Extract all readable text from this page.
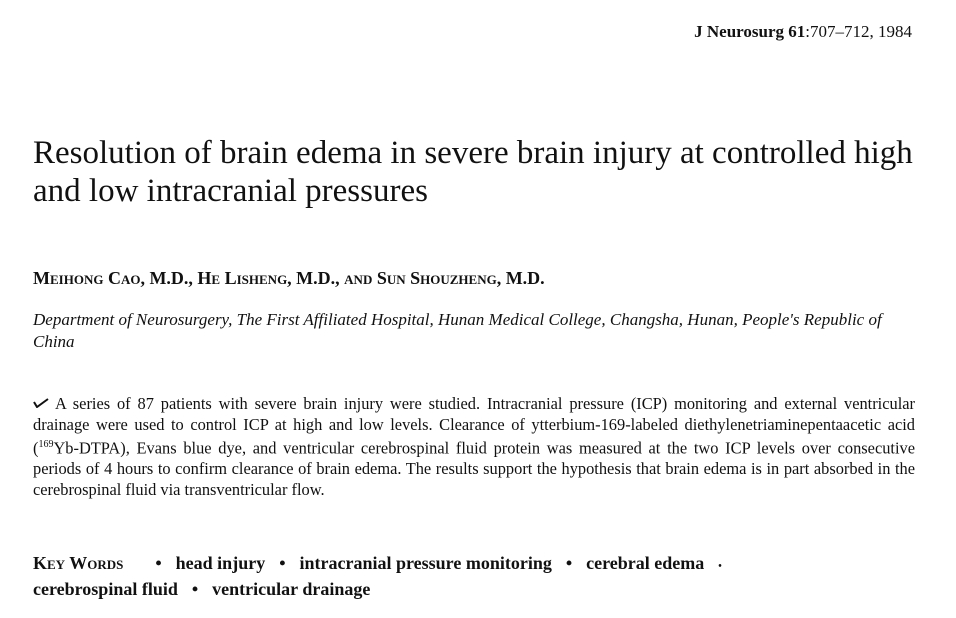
J Neurosurg 61:707–712, 1984
Resolution of brain edema in severe brain injury at controlled high and low intracranial pressures
Meihong Cao, M.D., He Lisheng, M.D., and Sun Shouzheng, M.D.
Department of Neurosurgery, The First Affiliated Hospital, Hunan Medical College, Changsha, Hunan, People's Republic of China
A series of 87 patients with severe brain injury were studied. Intracranial pressure (ICP) monitoring and external ventricular drainage were used to control ICP at high and low levels. Clearance of ytterbium-169-labeled diethylenetriaminepentaacetic acid ($^{169}$Yb-DTPA), Evans blue dye, and ventricular cerebrospinal fluid protein was measured at the two ICP levels over consecutive periods of 4 hours to confirm clearance of brain edema. The results support the hypothesis that brain edema is in part absorbed in the cerebrospinal fluid via transventricular flow.
Key Words • head injury • intracranial pressure monitoring • cerebral edema •
cerebrospinal fluid • ventricular drainage
